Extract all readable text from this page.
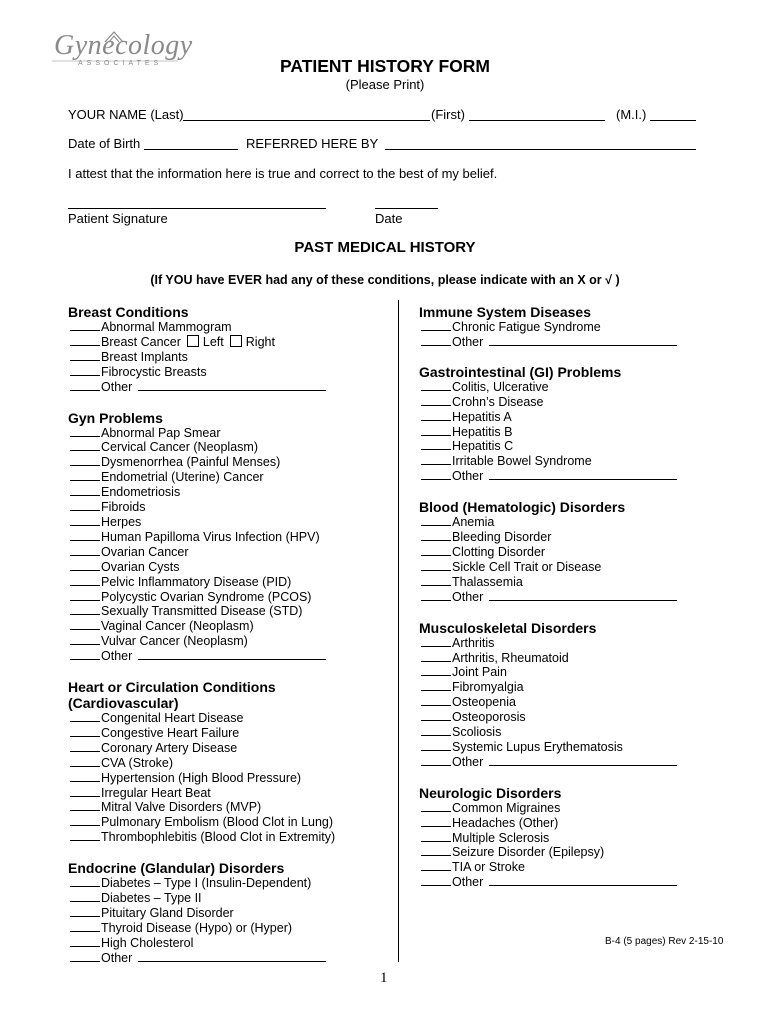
Gynecology
ASSOCIATES	PATIENT HISTORY FORM
(Please Print)
YOUR NAME (Last)	(First)	(M.I.)
Date of Birth	REFERRED HERE BY
I attest that the information here is true and correct to the best of my belief.
Patient Signature	Date
PAST MEDICAL HISTORY
(If YOU have EVER had any of these conditions, please indicate with an X or √ )
Breast Conditions
Abnormal Mammogram
Breast Cancer Left Right
Breast Implants
Fibrocystic Breasts
Other
Gyn Problems
Abnormal Pap Smear
Cervical Cancer (Neoplasm)
Dysmenorrhea (Painful Menses)
Endometrial (Uterine) Cancer
Endometriosis
Fibroids
Herpes
Human Papilloma Virus Infection (HPV)
Ovarian Cancer
Ovarian Cysts
Pelvic Inflammatory Disease (PID)
Polycystic Ovarian Syndrome (PCOS)
Sexually Transmitted Disease (STD)
Vaginal Cancer (Neoplasm)
Vulvar Cancer (Neoplasm)
Other
Heart or Circulation Conditions
(Cardiovascular)
Congenital Heart Disease
Congestive Heart Failure
Coronary Artery Disease
CVA (Stroke)
Hypertension (High Blood Pressure)
Irregular Heart Beat
Mitral Valve Disorders (MVP)
Pulmonary Embolism (Blood Clot in Lung)
Thrombophlebitis (Blood Clot in Extremity)
Endocrine (Glandular) Disorders
Diabetes – Type I (Insulin-Dependent)
Diabetes – Type II
Pituitary Gland Disorder
Thyroid Disease (Hypo) or (Hyper)
High Cholesterol
Other
Immune System Diseases
Chronic Fatigue Syndrome
Other
Gastrointestinal (GI) Problems
Colitis, Ulcerative
Crohn’s Disease
Hepatitis A
Hepatitis B
Hepatitis C
Irritable Bowel Syndrome
Other
Blood (Hematologic) Disorders
Anemia
Bleeding Disorder
Clotting Disorder
Sickle Cell Trait or Disease
Thalassemia
Other
Musculoskeletal Disorders
Arthritis
Arthritis, Rheumatoid
Joint Pain
Fibromyalgia
Osteopenia
Osteoporosis
Scoliosis
Systemic Lupus Erythematosis
Other
Neurologic Disorders
Common Migraines
Headaches (Other)
Multiple Sclerosis
Seizure Disorder (Epilepsy)
TIA or Stroke
Other
B-4 (5 pages) Rev 2-15-10
1
